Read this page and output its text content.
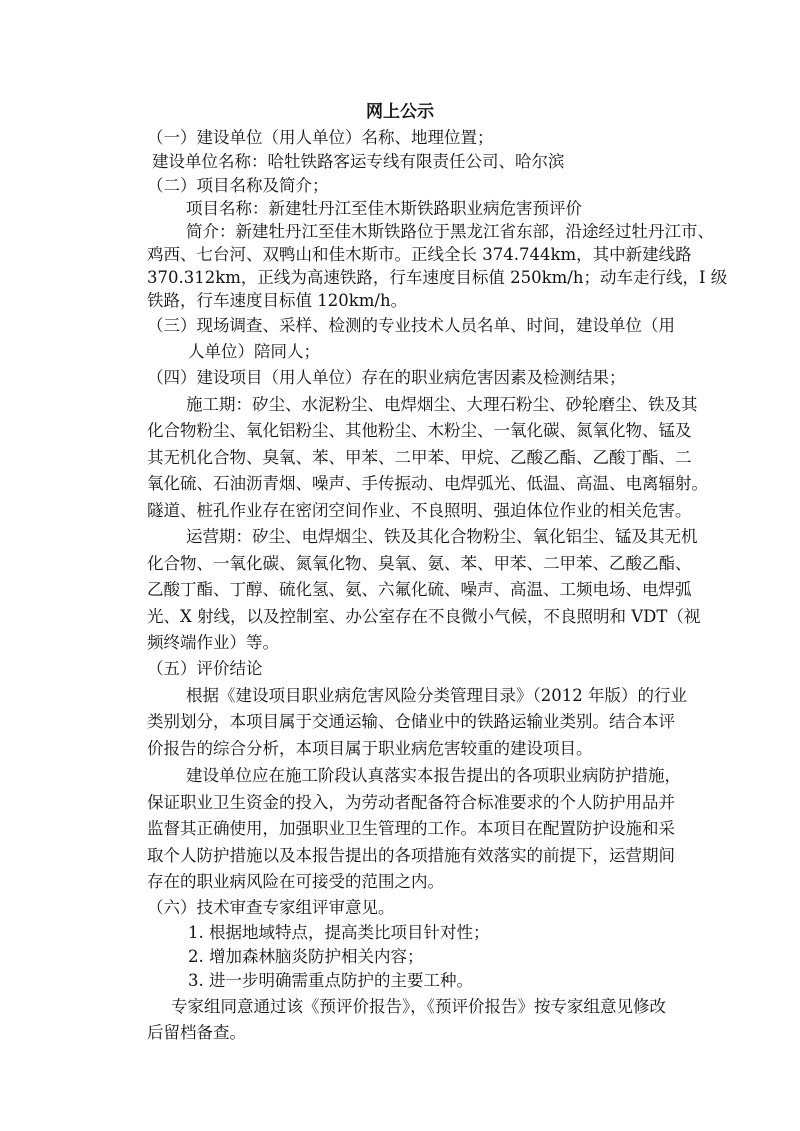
网上公示
（一）建设单位（用人单位）名称、地理位置；
建设单位名称：哈牡铁路客运专线有限责任公司、哈尔滨
（二）项目名称及简介；
项目名称：新建牡丹江至佳木斯铁路职业病危害预评价
简介：新建牡丹江至佳木斯铁路位于黑龙江省东部，沿途经过牡丹江市、
鸡西、七台河、双鸭山和佳木斯市。正线全长 374.744km，其中新建线路
370.312km，正线为高速铁路，行车速度目标值 250km/h；动车走行线，I 级
铁路，行车速度目标值 120km/h。
（三）现场调查、采样、检测的专业技术人员名单、时间，建设单位（用
人单位）陪同人；
（四）建设项目（用人单位）存在的职业病危害因素及检测结果；
施工期：矽尘、水泥粉尘、电焊烟尘、大理石粉尘、砂轮磨尘、铁及其
化合物粉尘、氧化铝粉尘、其他粉尘、木粉尘、一氧化碳、氮氧化物、锰及
其无机化合物、臭氧、苯、甲苯、二甲苯、甲烷、乙酸乙酯、乙酸丁酯、二
氧化硫、石油沥青烟、噪声、手传振动、电焊弧光、低温、高温、电离辐射。
隧道、桩孔作业存在密闭空间作业、不良照明、强迫体位作业的相关危害。
运营期：矽尘、电焊烟尘、铁及其化合物粉尘、氧化铝尘、锰及其无机
化合物、一氧化碳、氮氧化物、臭氧、氨、苯、甲苯、二甲苯、乙酸乙酯、
乙酸丁酯、丁醇、硫化氢、氨、六氟化硫、噪声、高温、工频电场、电焊弧
光、X 射线，以及控制室、办公室存在不良微小气候，不良照明和 VDT（视
频终端作业）等。
（五）评价结论
根据《建设项目职业病危害风险分类管理目录》（2012 年版）的行业
类别划分，本项目属于交通运输、仓储业中的铁路运输业类别。结合本评
价报告的综合分析，本项目属于职业病危害较重的建设项目。
建设单位应在施工阶段认真落实本报告提出的各项职业病防护措施，
保证职业卫生资金的投入，为劳动者配备符合标准要求的个人防护用品并
监督其正确使用，加强职业卫生管理的工作。本项目在配置防护设施和采
取个人防护措施以及本报告提出的各项措施有效落实的前提下，运营期间
存在的职业病风险在可接受的范围之内。
（六）技术审查专家组评审意见。
1. 根据地域特点，提高类比项目针对性；
2. 增加森林脑炎防护相关内容；
3. 进一步明确需重点防护的主要工种。
专家组同意通过该《预评价报告》，《预评价报告》按专家组意见修改
后留档备查。
